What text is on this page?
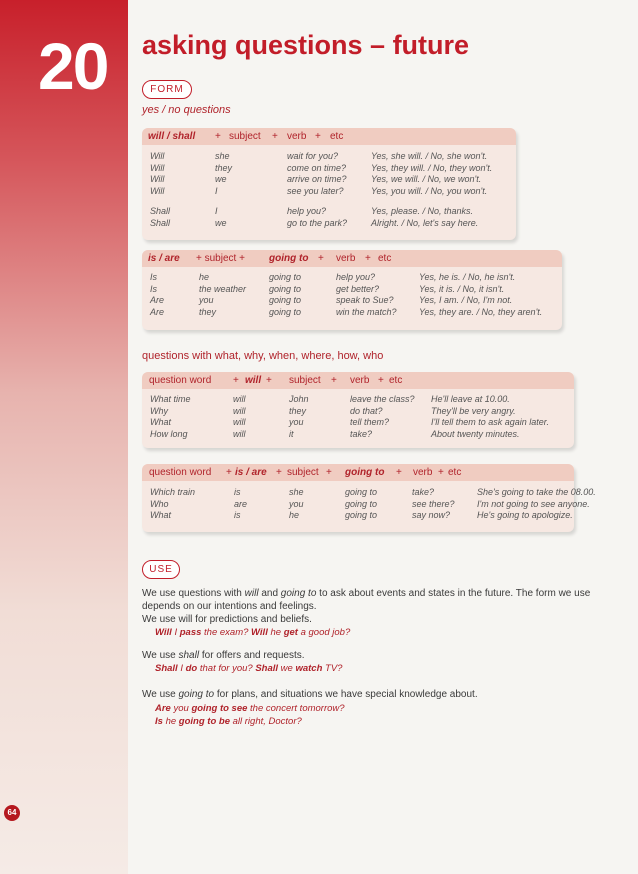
20
64
asking questions – future
FORM
yes / no questions
will / shall + subject + verb + etc
Will	she	wait for you?	Yes, she will. / No, she won't.
Will	they	come on time?	Yes, they will. / No, they won't.
Will	we	arrive on time?	Yes, we will. / No, we won't.
Will	I	see you later?	Yes, you will. / No, you won't.
Shall	I	help you?	Yes, please. / No, thanks.
Shall	we	go to the park?	Alright. / No, let's say here.
is / are + subject + going to + verb + etc
Is	he	going to	help you?	Yes, he is. / No, he isn't.
Is	the weather	going to	get better?	Yes, it is. / No, it isn't.
Are	you	going to	speak to Sue?	Yes, I am. / No, I'm not.
Are	they	going to	win the match? Yes, they are. / No, they aren't.
questions with what, why, when, where, how, who
question word + will + subject + verb + etc
What time	will	John	leave the class? He'll leave at 10.00.
Why	will	they	do that?	They'll be very angry.
What	will	you	tell them?	I'll tell them to ask again later.
How long	will	it	take?	About twenty minutes.
question word + is / are + subject + going to + verb + etc
Which train	is	she	going to	take?	She's going to take the 08.00.
Who	are	you	going to	see there? I'm not going to see anyone.
What	is	he	going to	say now?	He's going to apologize.
USE
We use questions with will and going to to ask about events and states in the future. The form we use
depends on our intentions and feelings.
We use will for predictions and beliefs.
Will I pass the exam? Will he get a good job?
We use shall for offers and requests.
Shall I do that for you? Shall we watch TV?
We use going to for plans, and situations we have special knowledge about.
Are you going to see the concert tomorrow?
Is he going to be all right, Doctor?
